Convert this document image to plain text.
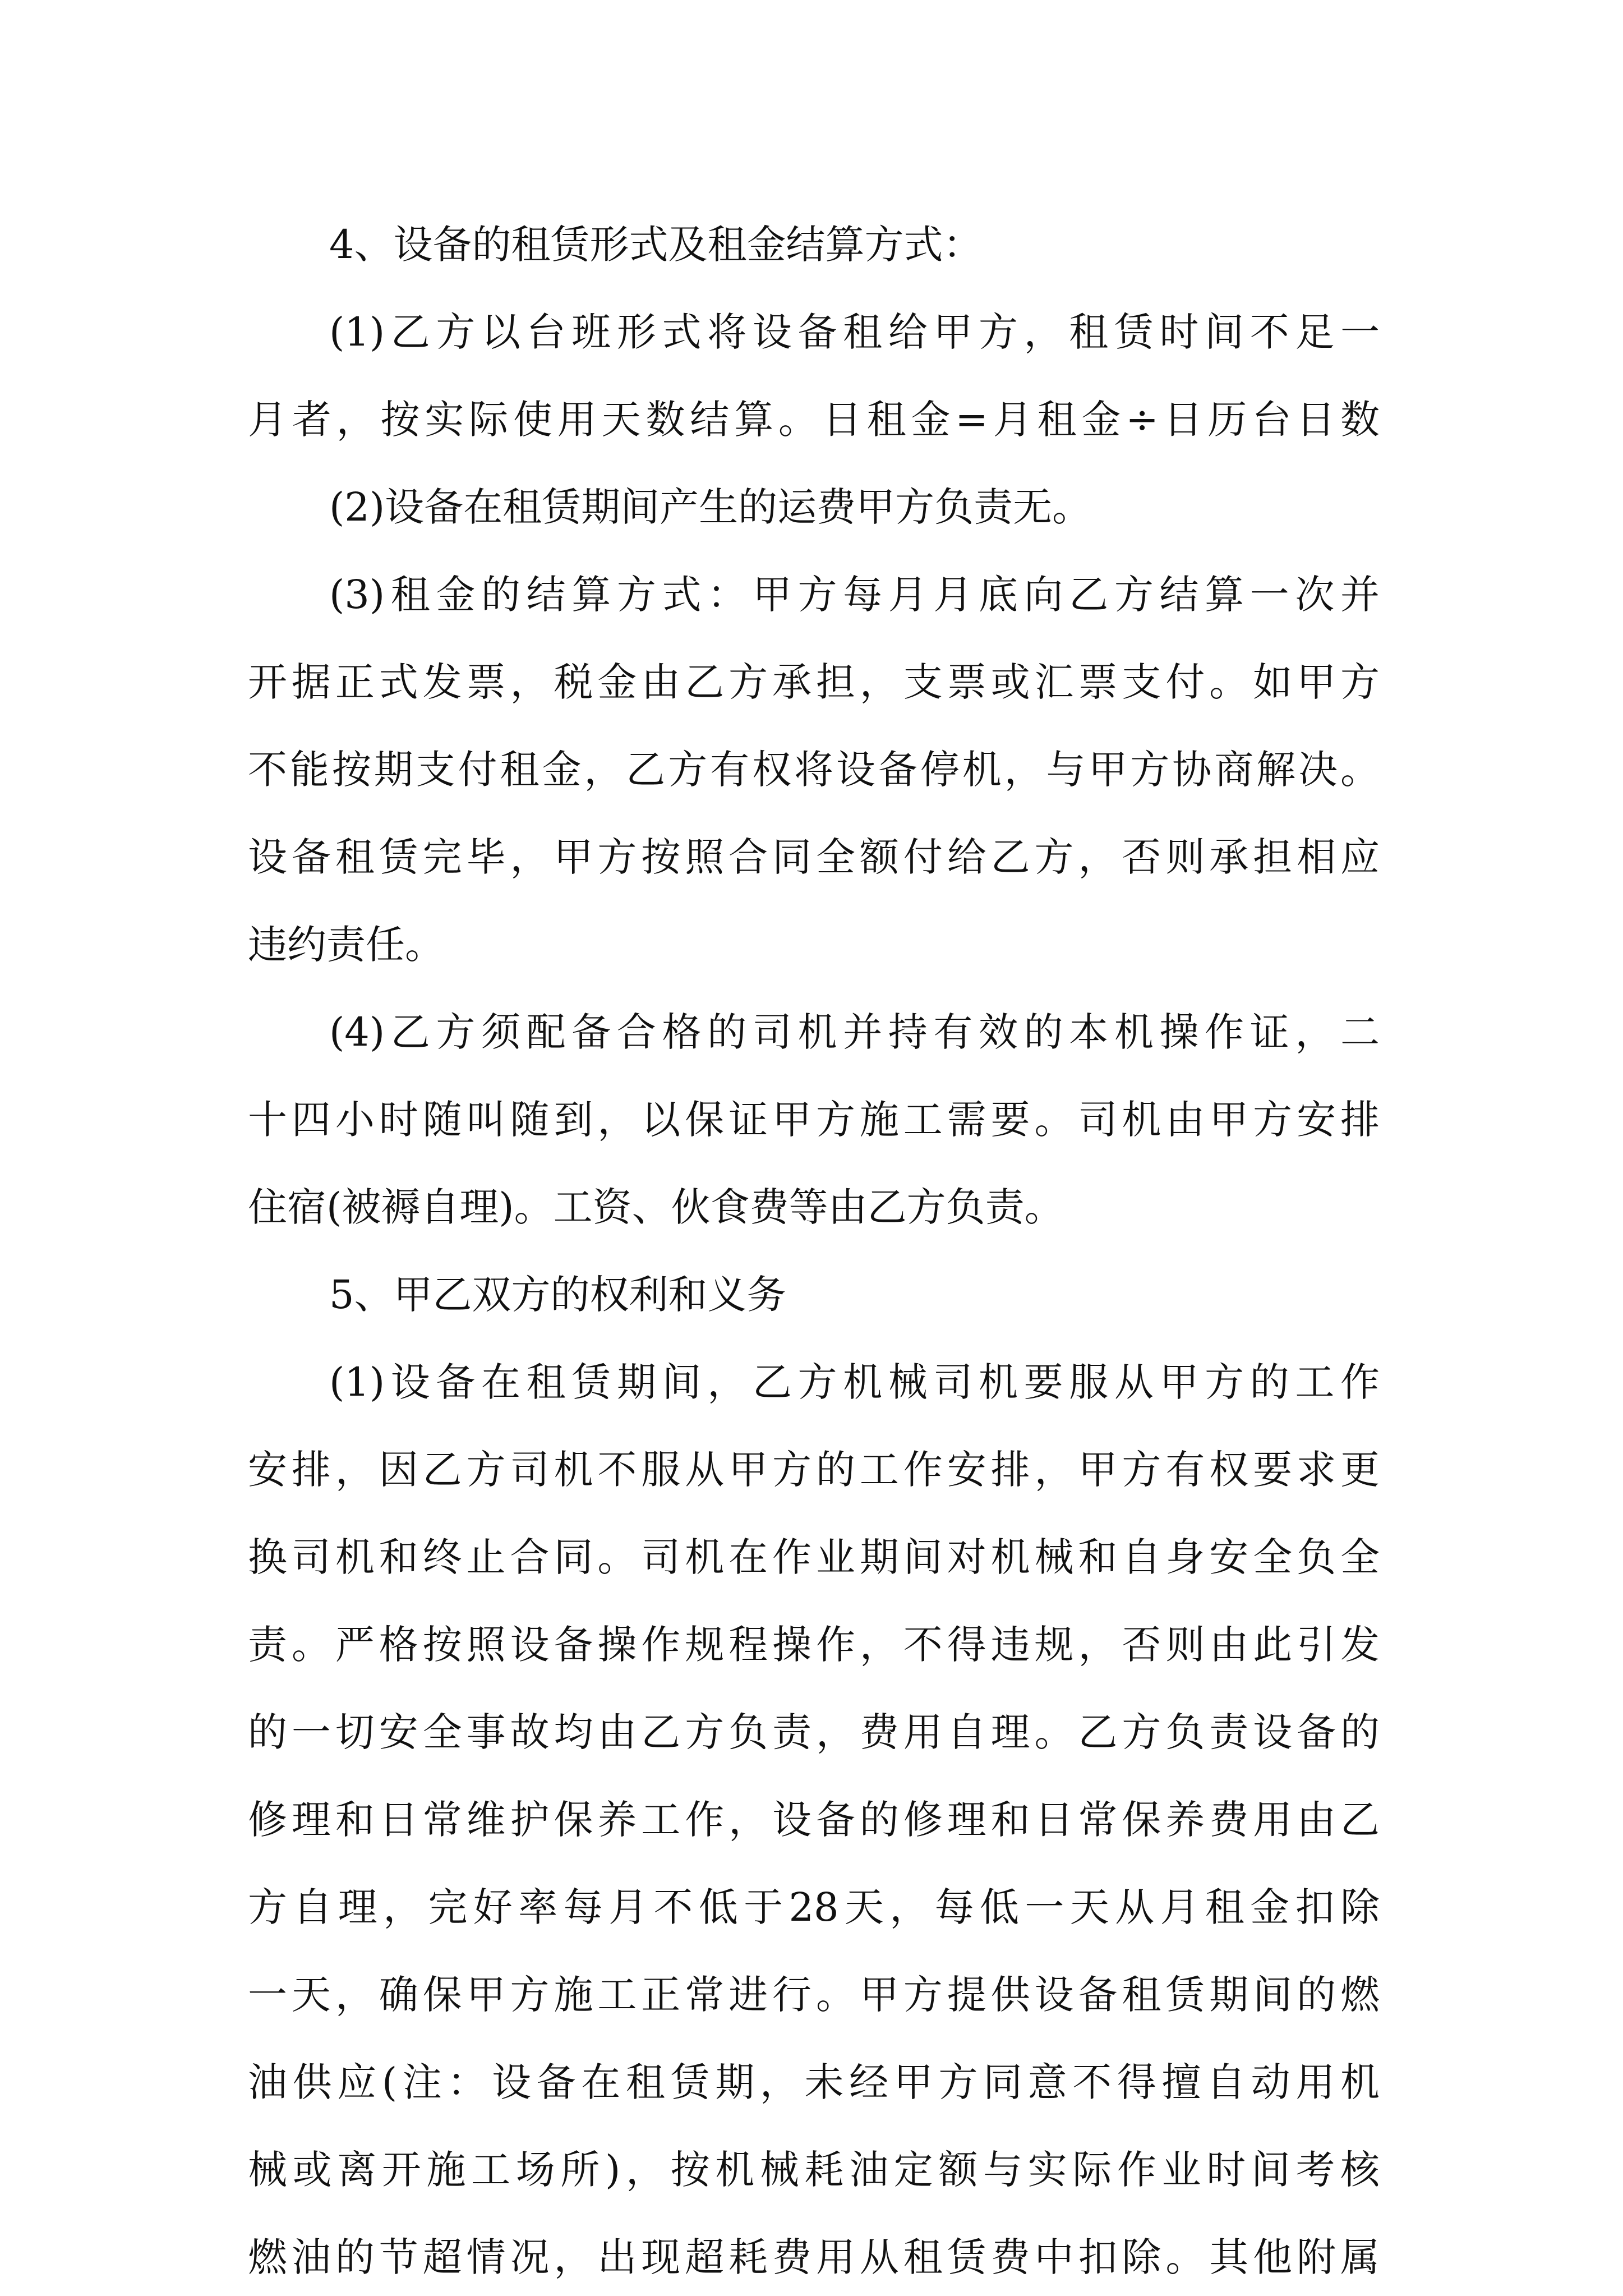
4、设备的租赁形式及租金结算方式：
(1)乙方以台班形式将设备租给甲方，租赁时间不足一
月者，按实际使用天数结算。日租金=月租金÷日历台日数
(2)设备在租赁期间产生的运费甲方负责无。
(3)租金的结算方式：甲方每月月底向乙方结算一次并
开据正式发票，税金由乙方承担，支票或汇票支付。如甲方
不能按期支付租金，乙方有权将设备停机，与甲方协商解决。
设备租赁完毕，甲方按照合同全额付给乙方，否则承担相应
违约责任。
(4)乙方须配备合格的司机并持有效的本机操作证，二
十四小时随叫随到，以保证甲方施工需要。司机由甲方安排
住宿(被褥自理)。工资、伙食费等由乙方负责。
5、甲乙双方的权利和义务
(1)设备在租赁期间，乙方机械司机要服从甲方的工作
安排，因乙方司机不服从甲方的工作安排，甲方有权要求更
换司机和终止合同。司机在作业期间对机械和自身安全负全
责。严格按照设备操作规程操作，不得违规，否则由此引发
的一切安全事故均由乙方负责，费用自理。乙方负责设备的
修理和日常维护保养工作，设备的修理和日常保养费用由乙
方自理，完好率每月不低于28天，每低一天从月租金扣除
一天，确保甲方施工正常进行。甲方提供设备租赁期间的燃
油供应(注：设备在租赁期，未经甲方同意不得擅自动用机
械或离开施工场所)，按机械耗油定额与实际作业时间考核
燃油的节超情况，出现超耗费用从租赁费中扣除。其他附属
